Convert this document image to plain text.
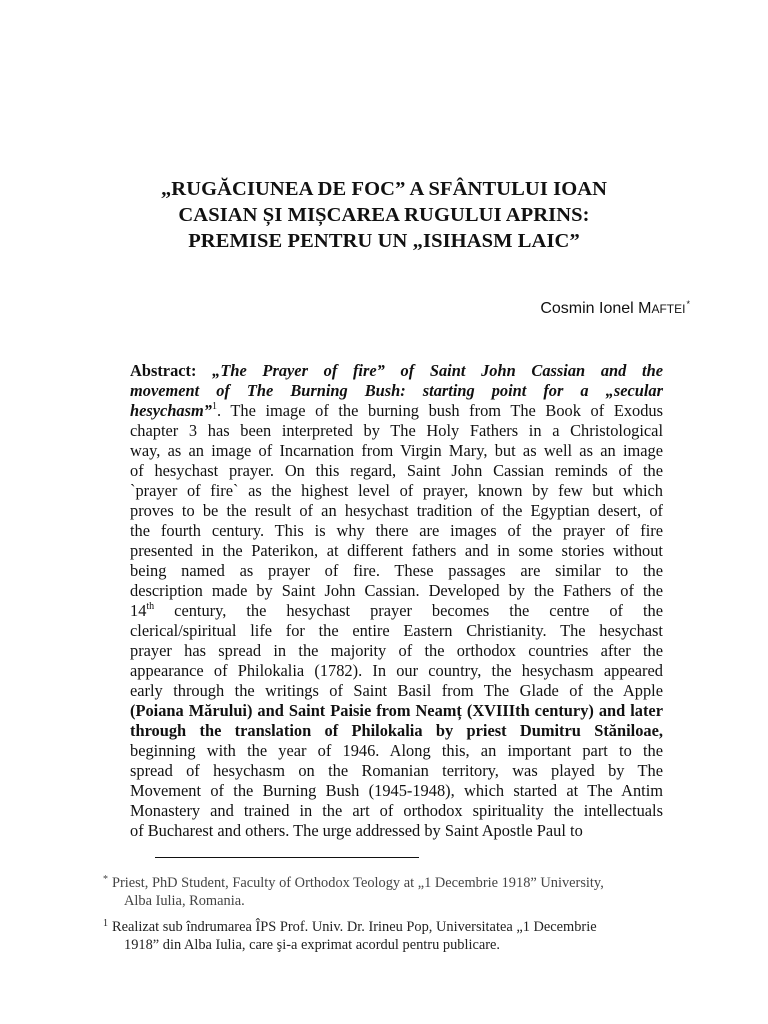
„RUGĂCIUNEA DE FOC” A SFÂNTULUI IOAN
CASIAN ȘI MIȘCAREA RUGULUI APRINS:
PREMISE PENTRU UN „ISIHASM LAIC”
Cosmin Ionel MAFTEI*
Abstract: „The Prayer of fire” of Saint John Cassian and the
movement of The Burning Bush: starting point for a „secular
hesychasm”$^1$. The image of the burning bush from The Book of Exodus
chapter 3 has been interpreted by The Holy Fathers in a Christological
way, as an image of Incarnation from Virgin Mary, but as well as an image
of hesychast prayer. On this regard, Saint John Cassian reminds of the
`prayer of fire` as the highest level of prayer, known by few but which
proves to be the result of an hesychast tradition of the Egyptian desert, of
the fourth century. This is why there are images of the prayer of fire
presented in the Paterikon, at different fathers and in some stories without
being named as prayer of fire. These passages are similar to the
description made by Saint John Cassian. Developed by the Fathers of the
14th century, the hesychast prayer becomes the centre of the
clerical/spiritual life for the entire Eastern Christianity. The hesychast
prayer has spread in the majority of the orthodox countries after the
appearance of Philokalia (1782). In our country, the hesychasm appeared
early through the writings of Saint Basil from The Glade of the Apple
(Poiana Mărului) and Saint Paisie from Neamț (XVIIIth century) and later
through the translation of Philokalia by priest Dumitru Stăniloae,
beginning with the year of 1946. Along this, an important part to the
spread of hesychasm on the Romanian territory, was played by The
Movement of the Burning Bush (1945-1948), which started at The Antim
Monastery and trained in the art of orthodox spirituality the intellectuals
of Bucharest and others. The urge addressed by Saint Apostle Paul to
* Priest, PhD Student, Faculty of Orthodox Teology at „1 Decembrie 1918” University,
Alba Iulia, Romania.
$^1$ Realizat sub îndrumarea ÎPS Prof. Univ. Dr. Irineu Pop, Universitatea „1 Decembrie
1918” din Alba Iulia, care şi-a exprimat acordul pentru publicare.
